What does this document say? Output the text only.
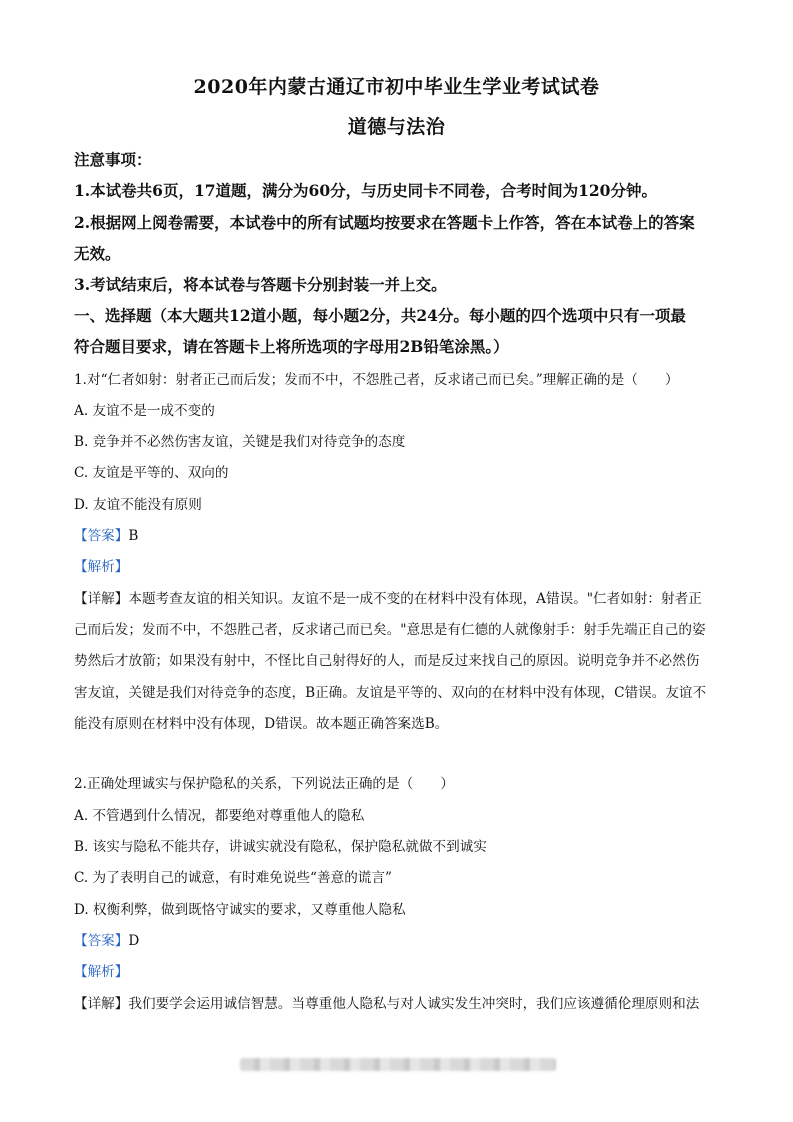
2020年内蒙古通辽市初中毕业生学业考试试卷
道德与法治
注意事项：
1.本试卷共6页，17道题，满分为60分，与历史同卡不同卷，合考时间为120分钟。
2.根据网上阅卷需要，本试卷中的所有试题均按要求在答题卡上作答，答在本试卷上的答案
无效。
3.考试结束后，将本试卷与答题卡分别封装一并上交。
一、选择题（本大题共12道小题，每小题2分，共24分。每小题的四个选项中只有一项最
符合题目要求，请在答题卡上将所选项的字母用2B铅笔涂黑。）
1.对“仁者如射：射者正己而后发；发而不中，不怨胜己者，反求诸己而已矣。”理解正确的是（　　）
A. 友谊不是一成不变的
B. 竞争并不必然伤害友谊，关键是我们对待竞争的态度
C. 友谊是平等的、双向的
D. 友谊不能没有原则
【答案】B
【解析】
【详解】本题考查友谊的相关知识。友谊不是一成不变的在材料中没有体现，A错误。"仁者如射：射者正
己而后发；发而不中，不怨胜己者，反求诸己而已矣。"意思是有仁德的人就像射手：射手先端正自己的姿
势然后才放箭；如果没有射中，不怪比自己射得好的人，而是反过来找自己的原因。说明竞争并不必然伤
害友谊，关键是我们对待竞争的态度，B正确。友谊是平等的、双向的在材料中没有体现，C错误。友谊不
能没有原则在材料中没有体现，D错误。故本题正确答案选B。
2.正确处理诚实与保护隐私的关系，下列说法正确的是（　　）
A. 不管遇到什么情况，都要绝对尊重他人的隐私
B. 该实与隐私不能共存，讲诚实就没有隐私，保护隐私就做不到诚实
C. 为了表明自己的诚意，有时难免说些“善意的谎言”
D. 权衡利弊，做到既恪守诚实的要求，又尊重他人隐私
【答案】D
【解析】
【详解】我们要学会运用诚信智慧。当尊重他人隐私与对人诚实发生冲突时，我们应该遵循伦理原则和法
